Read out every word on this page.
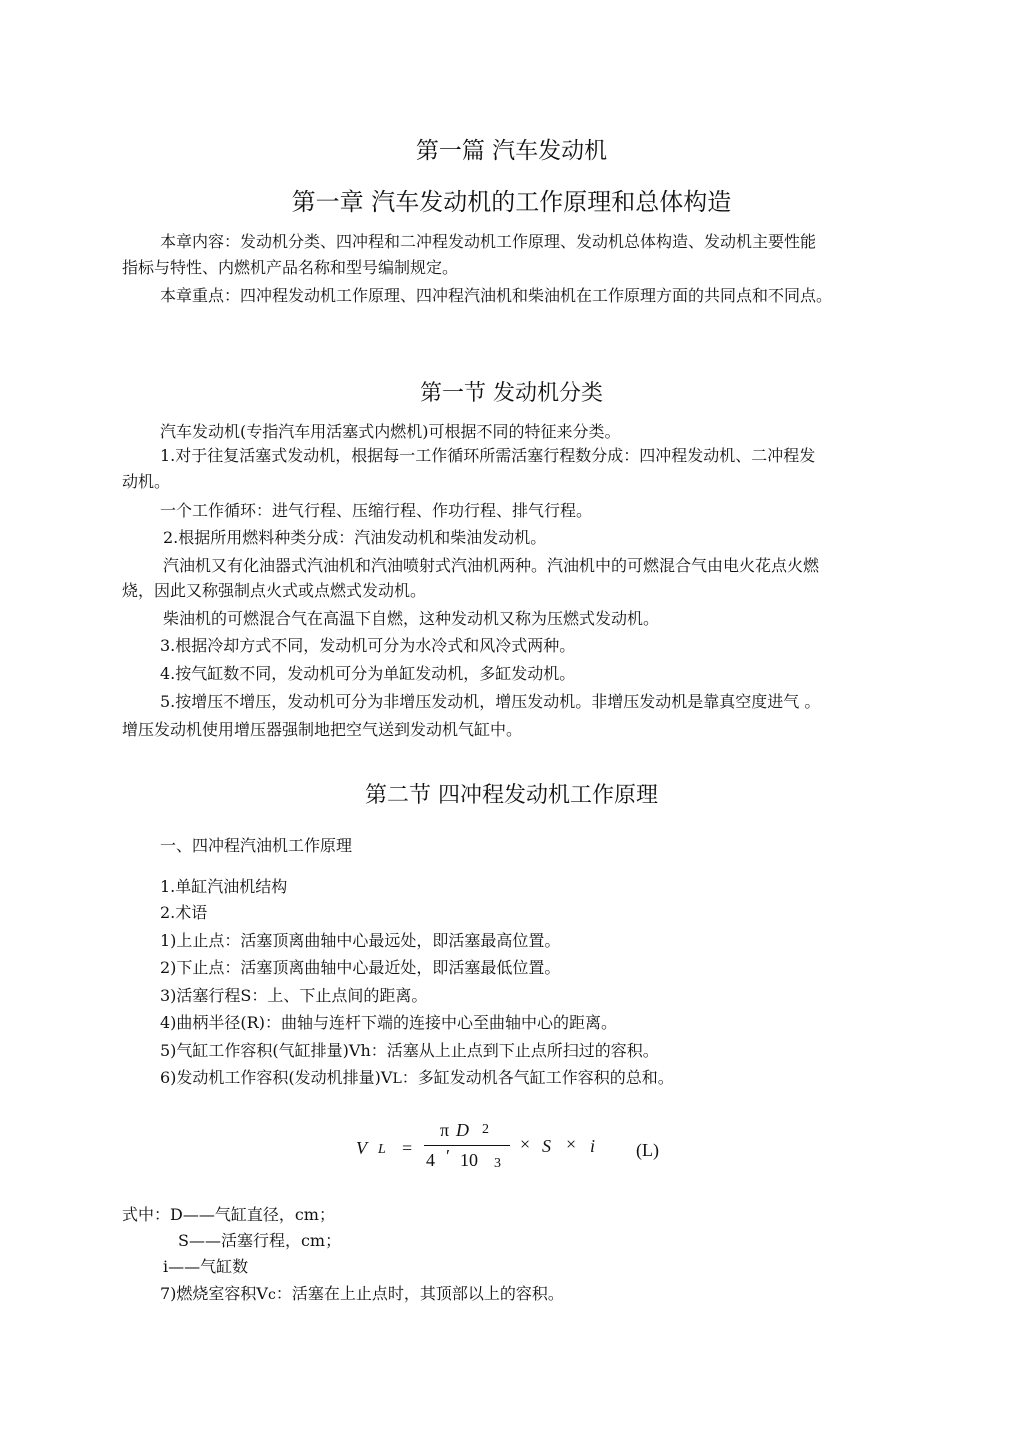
第一篇 汽车发动机
第一章 汽车发动机的工作原理和总体构造
本章内容：发动机分类、四冲程和二冲程发动机工作原理、发动机总体构造、发动机主要性能
指标与特性、内燃机产品名称和型号编制规定。
本章重点：四冲程发动机工作原理、四冲程汽油机和柴油机在工作原理方面的共同点和不同点。
第一节 发动机分类
汽车发动机(专指汽车用活塞式内燃机)可根据不同的特征来分类。
1.对于往复活塞式发动机，根据每一工作循环所需活塞行程数分成：四冲程发动机、二冲程发
动机。
一个工作循环：进气行程、压缩行程、作功行程、排气行程。
2.根据所用燃料种类分成：汽油发动机和柴油发动机。
汽油机又有化油器式汽油机和汽油喷射式汽油机两种。汽油机中的可燃混合气由电火花点火燃
烧，因此又称强制点火式或点燃式发动机。
柴油机的可燃混合气在高温下自燃，这种发动机又称为压燃式发动机。
3.根据冷却方式不同，发动机可分为水冷式和风冷式两种。
4.按气缸数不同，发动机可分为单缸发动机，多缸发动机。
5.按增压不增压，发动机可分为非增压发动机，增压发动机。非增压发动机是靠真空度进气 。
增压发动机使用增压器强制地把空气送到发动机气缸中。
第二节 四冲程发动机工作原理
一、四冲程汽油机工作原理
1.单缸汽油机结构
2.术语
1)上止点：活塞顶离曲轴中心最远处，即活塞最高位置。
2)下止点：活塞顶离曲轴中心最近处，即活塞最低位置。
3)活塞行程S：上、下止点间的距离。
4)曲柄半径(R)：曲轴与连杆下端的连接中心至曲轴中心的距离。
5)气缸工作容积(气缸排量)Vh：活塞从上止点到下止点所扫过的容积。
6)发动机工作容积(发动机排量)VL：多缸发动机各气缸工作容积的总和。
V L =
π D 2
4 ′ 10 3
× S × i (L)
式中：D——气缸直径，cm；
S——活塞行程，cm；
i——气缸数
7)燃烧室容积Vc：活塞在上止点时，其顶部以上的容积。
